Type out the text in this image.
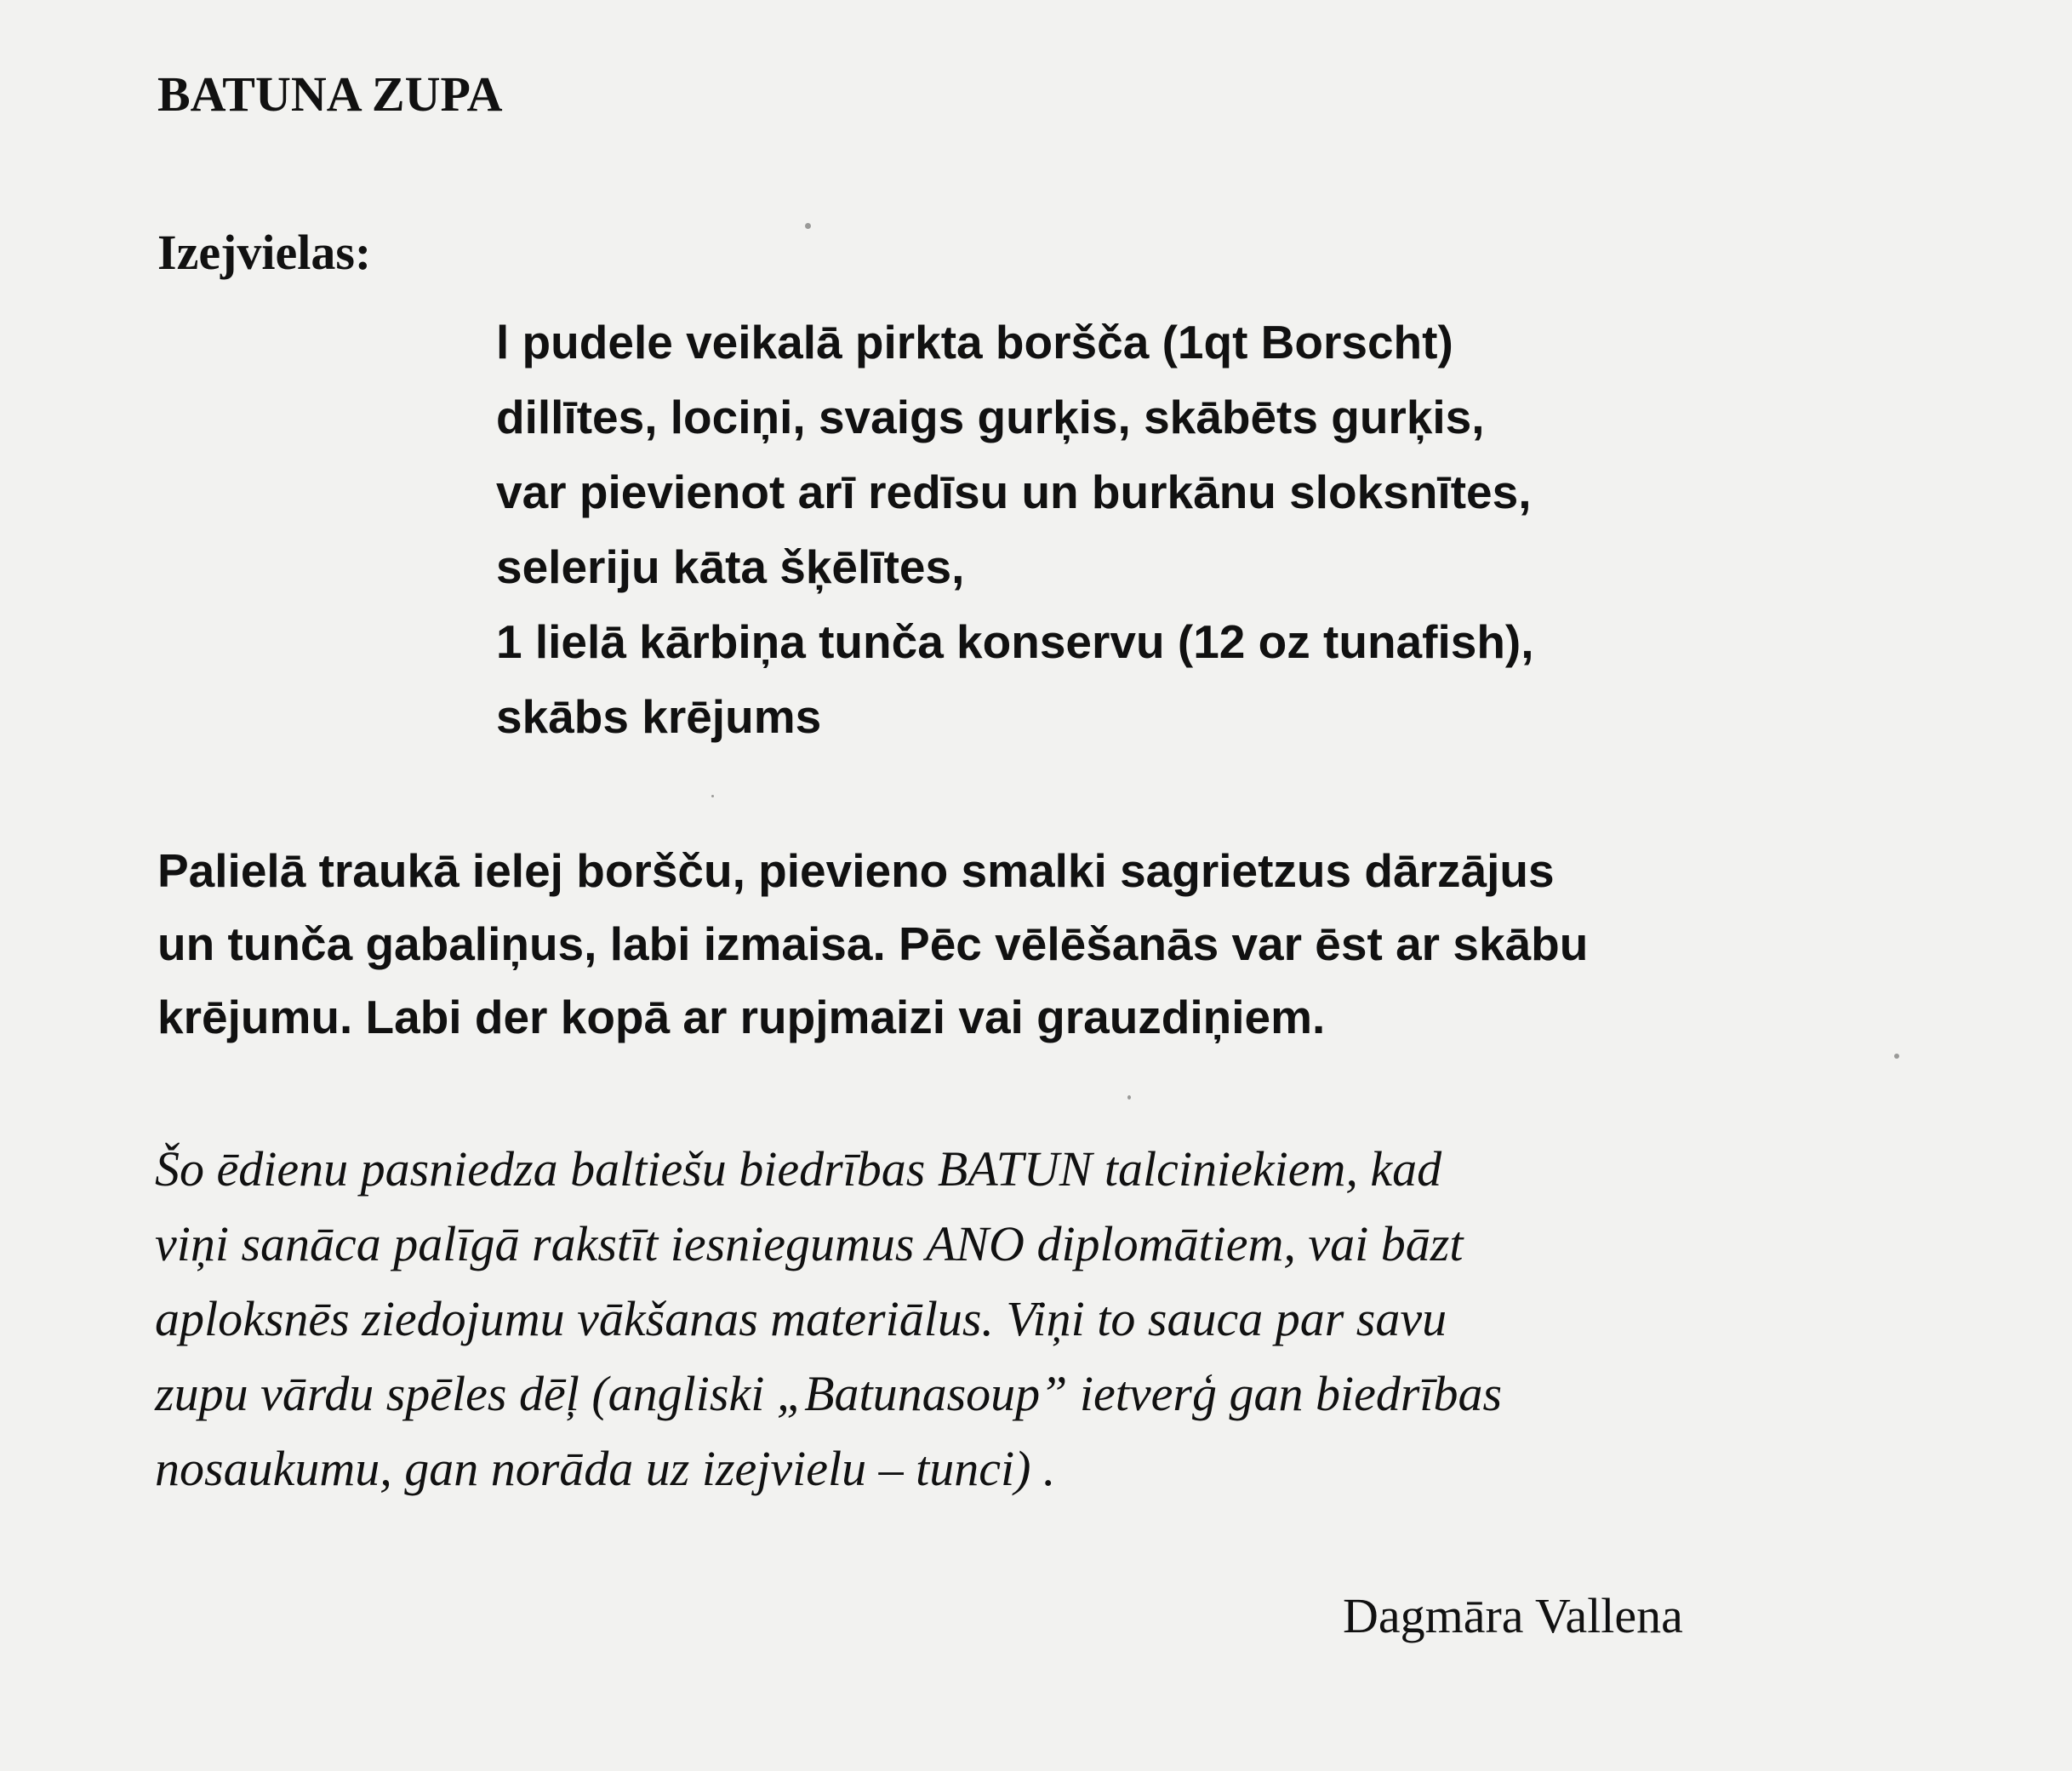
BATUNA ZUPA
Izejvielas:
l pudele veikalā pirkta boršča (1qt Borscht)
dillītes, lociņi, svaigs gurķis, skābēts gurķis,
var pievienot arī redīsu un burkānu sloksnītes,
seleriju kāta šķēlītes,
1 lielā kārbiņa tunča konservu (12 oz tunafish),
skābs krējums
Palielā traukā ielej boršču, pievieno smalki sagrietzus dārzājus
un tunča gabaliņus, labi izmaisa. Pēc vēlēšanās var ēst ar skābu
krējumu. Labi der kopā ar rupjmaizi vai grauzdiņiem.
Šo ēdienu pasniedza baltiešu biedrības BATUN talciniekiem, kad
viņi sanāca palīgā rakstīt iesniegumus ANO diplomātiem, vai bāzt
aploksnēs ziedojumu vākšanas materiālus. Viņi to sauca par savu
zupu vārdu spēles dēļ (angliski „Batunasoup” ietverģ gan biedrības
nosaukumu, gan norāda uz izejvielu – tunci) .
Dagmāra Vallena
